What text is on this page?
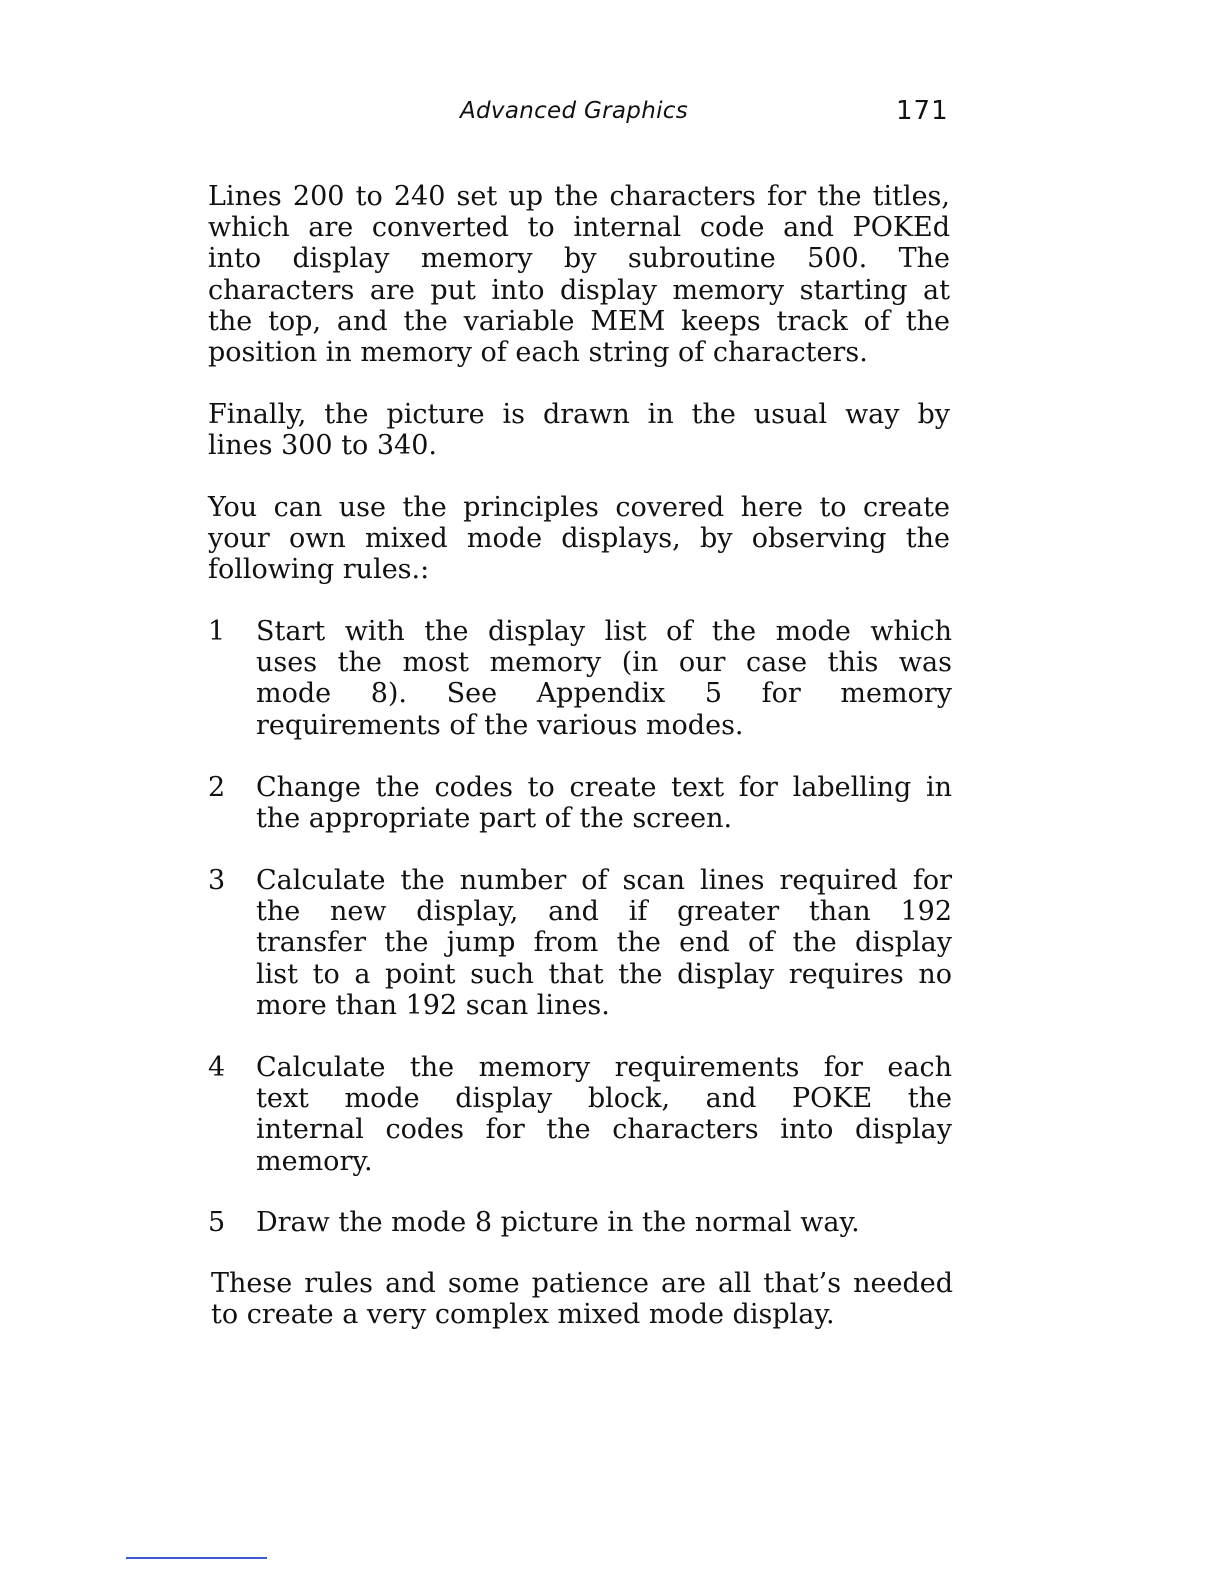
Advanced Graphics	171

Lines 200 to 240 set up the characters for the titles,
which are converted to internal code and POKEd
into display memory by subroutine 500. The
characters are put into display memory starting at
the top, and the variable MEM keeps track of the
position in memory of each string of characters.

Finally, the picture is drawn in the usual way by
lines 300 to 340.

You can use the principles covered here to create
your own mixed mode displays, by observing the
following rules.:

1	Start with the display list of the mode which
uses the most memory (in our case this was
mode 8). See Appendix 5 for memory
requirements of the various modes.
2	Change the codes to create text for labelling in
the appropriate part of the screen.
3	Calculate the number of scan lines required for
the new display, and if greater than 192
transfer the jump from the end of the display
list to a point such that the display requires no
more than 192 scan lines.
4	Calculate the memory requirements for each
text mode display block, and POKE the
internal codes for the characters into display
memory.
5	Draw the mode 8 picture in the normal way.

These rules and some patience are all that’s needed
to create a very complex mixed mode display.
